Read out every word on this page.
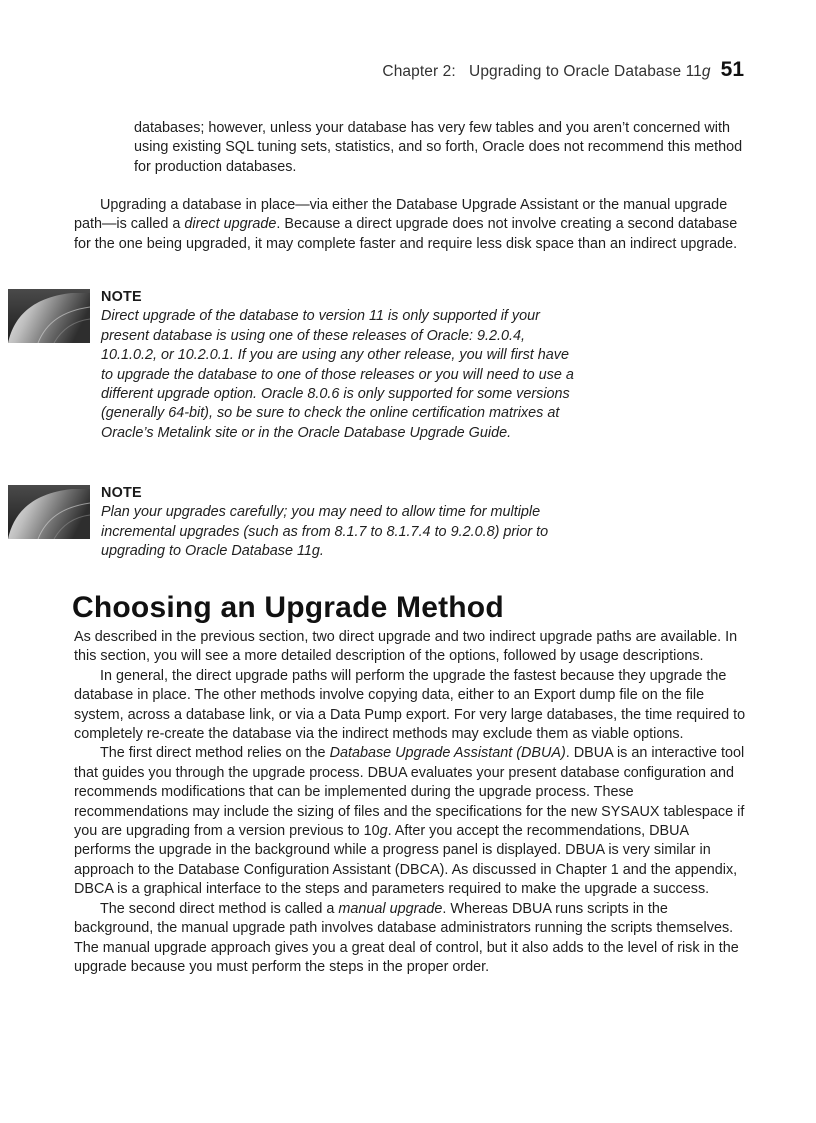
Chapter 2: Upgrading to Oracle Database 11g 51

databases; however, unless your database has very few tables and you aren’t concerned with using existing SQL tuning sets, statistics, and so forth, Oracle does not recommend this method for production databases.

Upgrading a database in place—via either the Database Upgrade Assistant or the manual upgrade path—is called a direct upgrade. Because a direct upgrade does not involve creating a second database for the one being upgraded, it may complete faster and require less disk space than an indirect upgrade.

NOTE

Direct upgrade of the database to version 11 is only supported if your present database is using one of these releases of Oracle: 9.2.0.4, 10.1.0.2, or 10.2.0.1. If you are using any other release, you will first have to upgrade the database to one of those releases or you will need to use a different upgrade option. Oracle 8.0.6 is only supported for some versions (generally 64-bit), so be sure to check the online certification matrixes at Oracle’s Metalink site or in the Oracle Database Upgrade Guide.

NOTE

Plan your upgrades carefully; you may need to allow time for multiple incremental upgrades (such as from 8.1.7 to 8.1.7.4 to 9.2.0.8) prior to upgrading to Oracle Database 11g.

Choosing an Upgrade Method

As described in the previous section, two direct upgrade and two indirect upgrade paths are available. In this section, you will see a more detailed description of the options, followed by usage descriptions.

In general, the direct upgrade paths will perform the upgrade the fastest because they upgrade the database in place. The other methods involve copying data, either to an Export dump file on the file system, across a database link, or via a Data Pump export. For very large databases, the time required to completely re-create the database via the indirect methods may exclude them as viable options.

The first direct method relies on the Database Upgrade Assistant (DBUA). DBUA is an interactive tool that guides you through the upgrade process. DBUA evaluates your present database configuration and recommends modifications that can be implemented during the upgrade process. These recommendations may include the sizing of files and the specifications for the new SYSAUX tablespace if you are upgrading from a version previous to 10g. After you accept the recommendations, DBUA performs the upgrade in the background while a progress panel is displayed. DBUA is very similar in approach to the Database Configuration Assistant (DBCA). As discussed in Chapter 1 and the appendix, DBCA is a graphical interface to the steps and parameters required to make the upgrade a success.

The second direct method is called a manual upgrade. Whereas DBUA runs scripts in the background, the manual upgrade path involves database administrators running the scripts themselves. The manual upgrade approach gives you a great deal of control, but it also adds to the level of risk in the upgrade because you must perform the steps in the proper order.
